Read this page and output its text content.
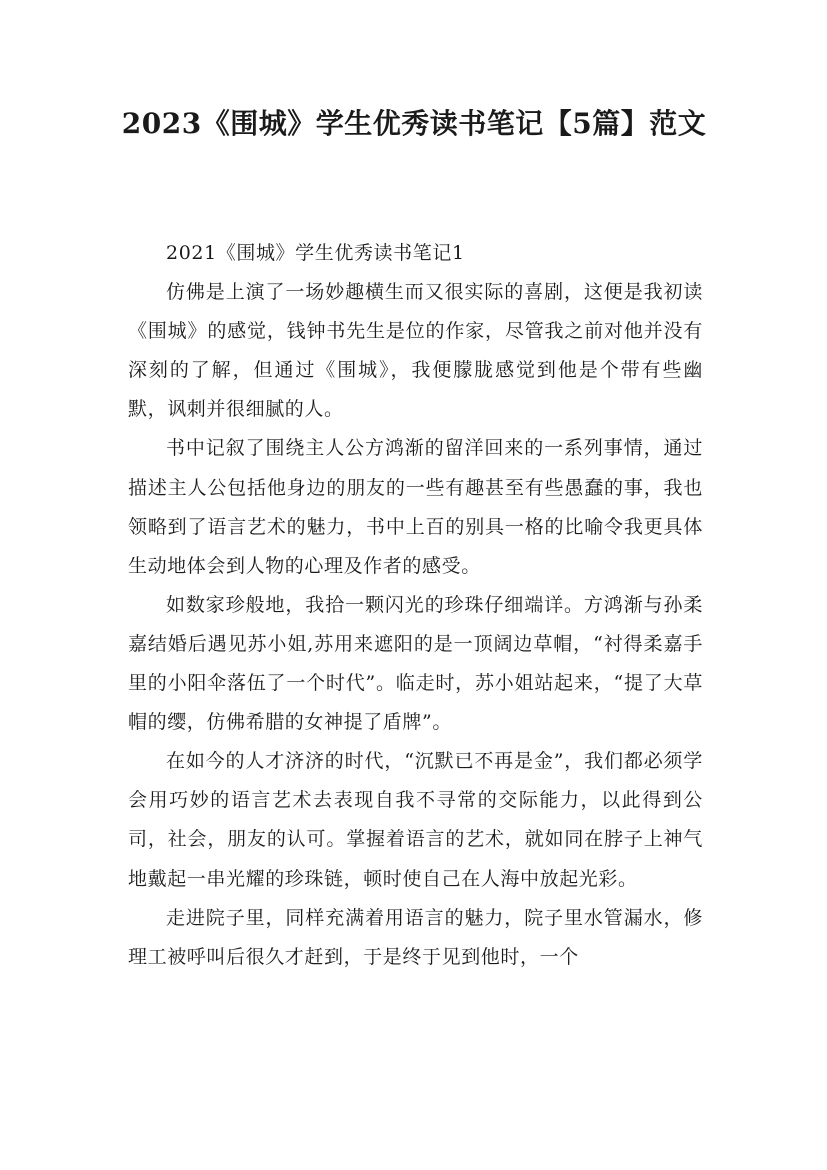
2023《围城》学生优秀读书笔记【5篇】范文

2021《围城》学生优秀读书笔记1

仿佛是上演了一场妙趣横生而又很实际的喜剧，这便是我初读《围城》的感觉，钱钟书先生是位的作家，尽管我之前对他并没有深刻的了解，但通过《围城》，我便朦胧感觉到他是个带有些幽默，讽刺并很细腻的人。

书中记叙了围绕主人公方鸿渐的留洋回来的一系列事情，通过描述主人公包括他身边的朋友的一些有趣甚至有些愚蠢的事，我也领略到了语言艺术的魅力，书中上百的别具一格的比喻令我更具体生动地体会到人物的心理及作者的感受。

如数家珍般地，我拾一颗闪光的珍珠仔细端详。方鸿渐与孙柔嘉结婚后遇见苏小姐,苏用来遮阳的是一顶阔边草帽，“衬得柔嘉手里的小阳伞落伍了一个时代”。临走时，苏小姐站起来，“提了大草帽的缨，仿佛希腊的女神提了盾牌”。

在如今的人才济济的时代，“沉默已不再是金”，我们都必须学会用巧妙的语言艺术去表现自我不寻常的交际能力，以此得到公司，社会，朋友的认可。掌握着语言的艺术，就如同在脖子上神气地戴起一串光耀的珍珠链，顿时使自己在人海中放起光彩。

走进院子里，同样充满着用语言的魅力，院子里水管漏水，修理工被呼叫后很久才赶到，于是终于见到他时，一个
